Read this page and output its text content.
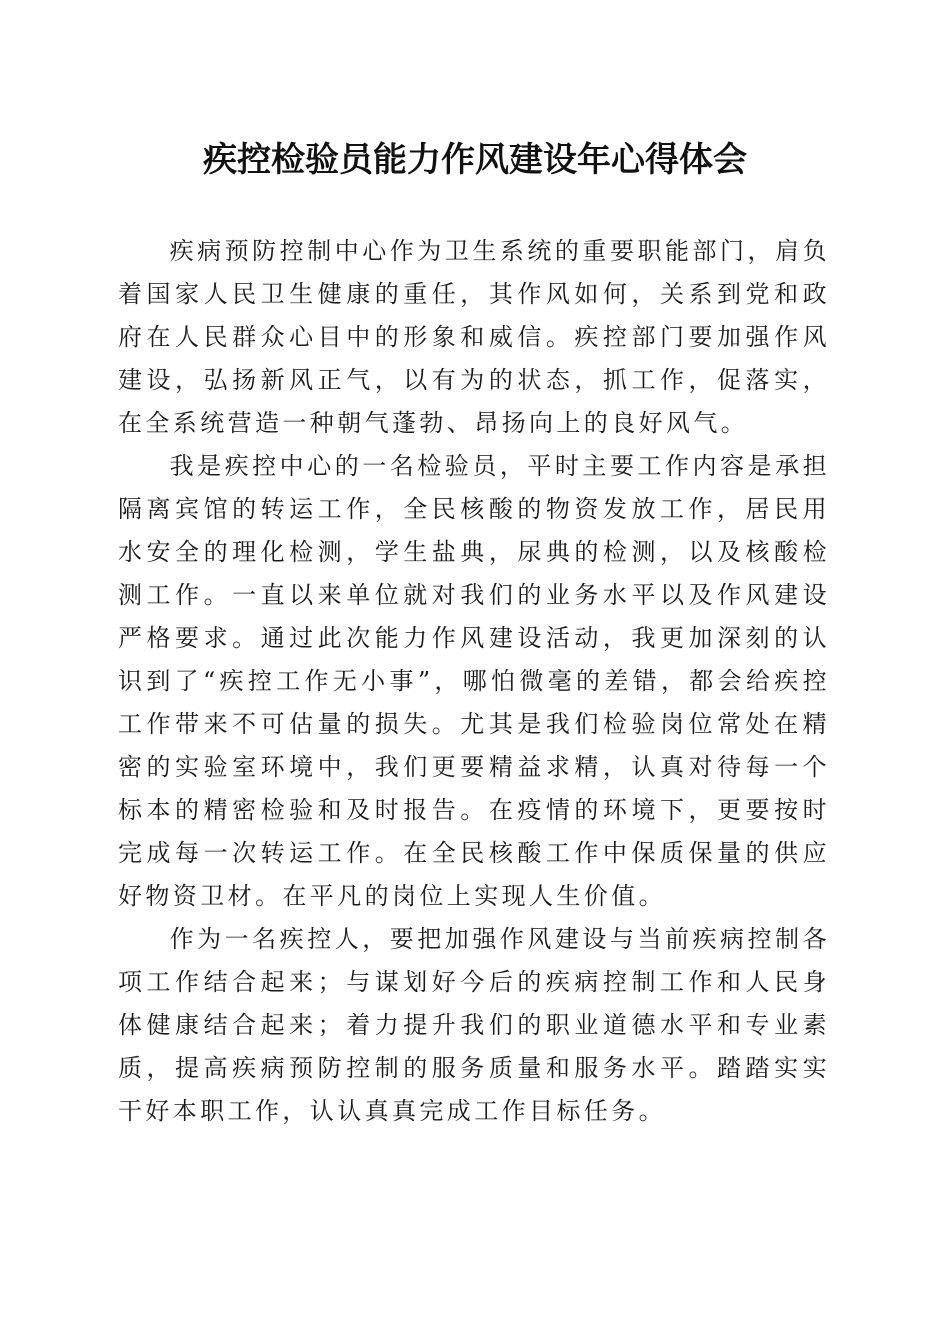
疾控检验员能力作风建设年心得体会

疾病预防控制中心作为卫生系统的重要职能部门，肩负着国家人民卫生健康的重任，其作风如何，关系到党和政府在人民群众心目中的形象和威信。疾控部门要加强作风建设，弘扬新风正气，以有为的状态，抓工作，促落实，在全系统营造一种朝气蓬勃、昂扬向上的良好风气。

我是疾控中心的一名检验员，平时主要工作内容是承担隔离宾馆的转运工作，全民核酸的物资发放工作，居民用水安全的理化检测，学生盐典，尿典的检测，以及核酸检测工作。一直以来单位就对我们的业务水平以及作风建设严格要求。通过此次能力作风建设活动，我更加深刻的认识到了“疾控工作无小事”，哪怕微毫的差错，都会给疾控工作带来不可估量的损失。尤其是我们检验岗位常处在精密的实验室环境中，我们更要精益求精，认真对待每一个标本的精密检验和及时报告。在疫情的环境下，更要按时完成每一次转运工作。在全民核酸工作中保质保量的供应好物资卫材。在平凡的岗位上实现人生价值。

作为一名疾控人，要把加强作风建设与当前疾病控制各项工作结合起来；与谋划好今后的疾病控制工作和人民身体健康结合起来；着力提升我们的职业道德水平和专业素质，提高疾病预防控制的服务质量和服务水平。踏踏实实干好本职工作，认认真真完成工作目标任务。
